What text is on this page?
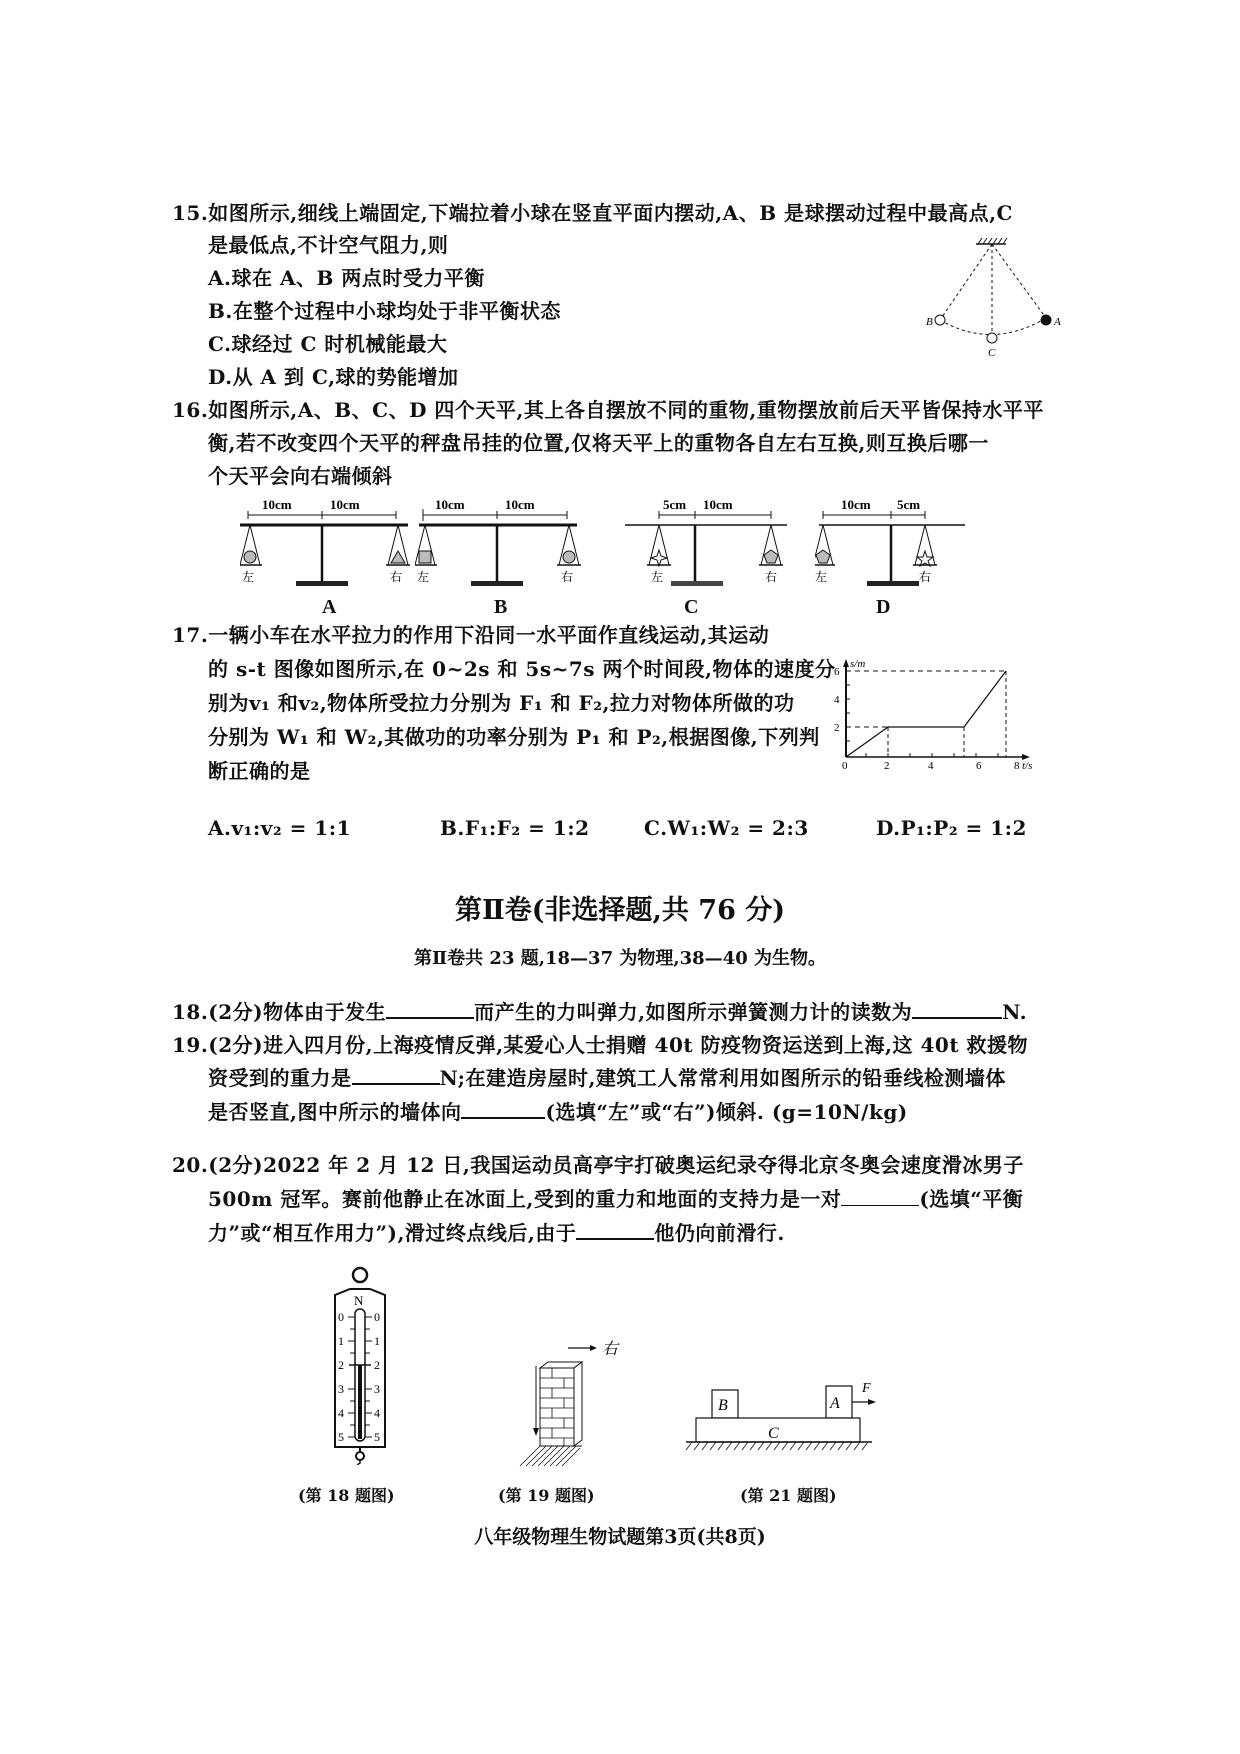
15.如图所示,细线上端固定,下端拉着小球在竖直平面内摆动,A、B 是球摆动过程中最高点,C
是最低点,不计空气阻力,则
A.球在 A、B 两点时受力平衡
B.在整个过程中小球均处于非平衡状态
C.球经过 C 时机械能最大
D.从 A 到 C,球的势能增加
B	A
C
16.如图所示,A、B、C、D 四个天平,其上各自摆放不同的重物,重物摆放前后天平皆保持水平平
衡,若不改变四个天平的秤盘吊挂的位置,仅将天平上的重物各自左右互换,则互换后哪一
个天平会向右端倾斜
10cm	10cm
左	右
A
10cm	10cm
左	右
B
5cm 10cm
左	右
C
10cm 5cm
左	右
D
17.一辆小车在水平拉力的作用下沿同一水平面作直线运动,其运动
的 s-t 图像如图所示,在 0~2s 和 5s~7s 两个时间段,物体的速度分
别为v₁ 和v₂,物体所受拉力分别为 F₁ 和 F₂,拉力对物体所做的功
分别为 W₁ 和 W₂,其做功的功率分别为 P₁ 和 P₂,根据图像,下列判
断正确的是
A.v₁:v₂ = 1:1	B.F₁:F₂ = 1:2	C.W₁:W₂ = 2:3	D.P₁:P₂ = 1:2
s/m
t/s
6
4
2
0	2	4	6	8
第Ⅱ卷(非选择题,共 76 分)
第Ⅱ卷共 23 题,18—37 为物理,38—40 为生物。
18.(2分)物体由于发生	而产生的力叫弹力,如图所示弹簧测力计的读数为	N.
19.(2分)进入四月份,上海疫情反弹,某爱心人士捐赠 40t 防疫物资运送到上海,这 40t 救援物
资受到的重力是	N;在建造房屋时,建筑工人常常利用如图所示的铅垂线检测墙体
是否竖直,图中所示的墙体向	(选填“左”或“右”)倾斜. (g=10N/kg)
20.(2分)2022 年 2 月 12 日,我国运动员高亭宇打破奥运纪录夺得北京冬奥会速度滑冰男子
500m 冠军。赛前他静止在冰面上,受到的重力和地面的支持力是一对	(选填“平衡
力”或“相互作用力”),滑过终点线后,由于	他仍向前滑行.
N
0	0
1	1
2	2
3	3
4	4
5	5
(第 18 题图)
右
(第 19 题图)
B	A
F
C
(第 21 题图)
八年级物理生物试题第3页(共8页)
